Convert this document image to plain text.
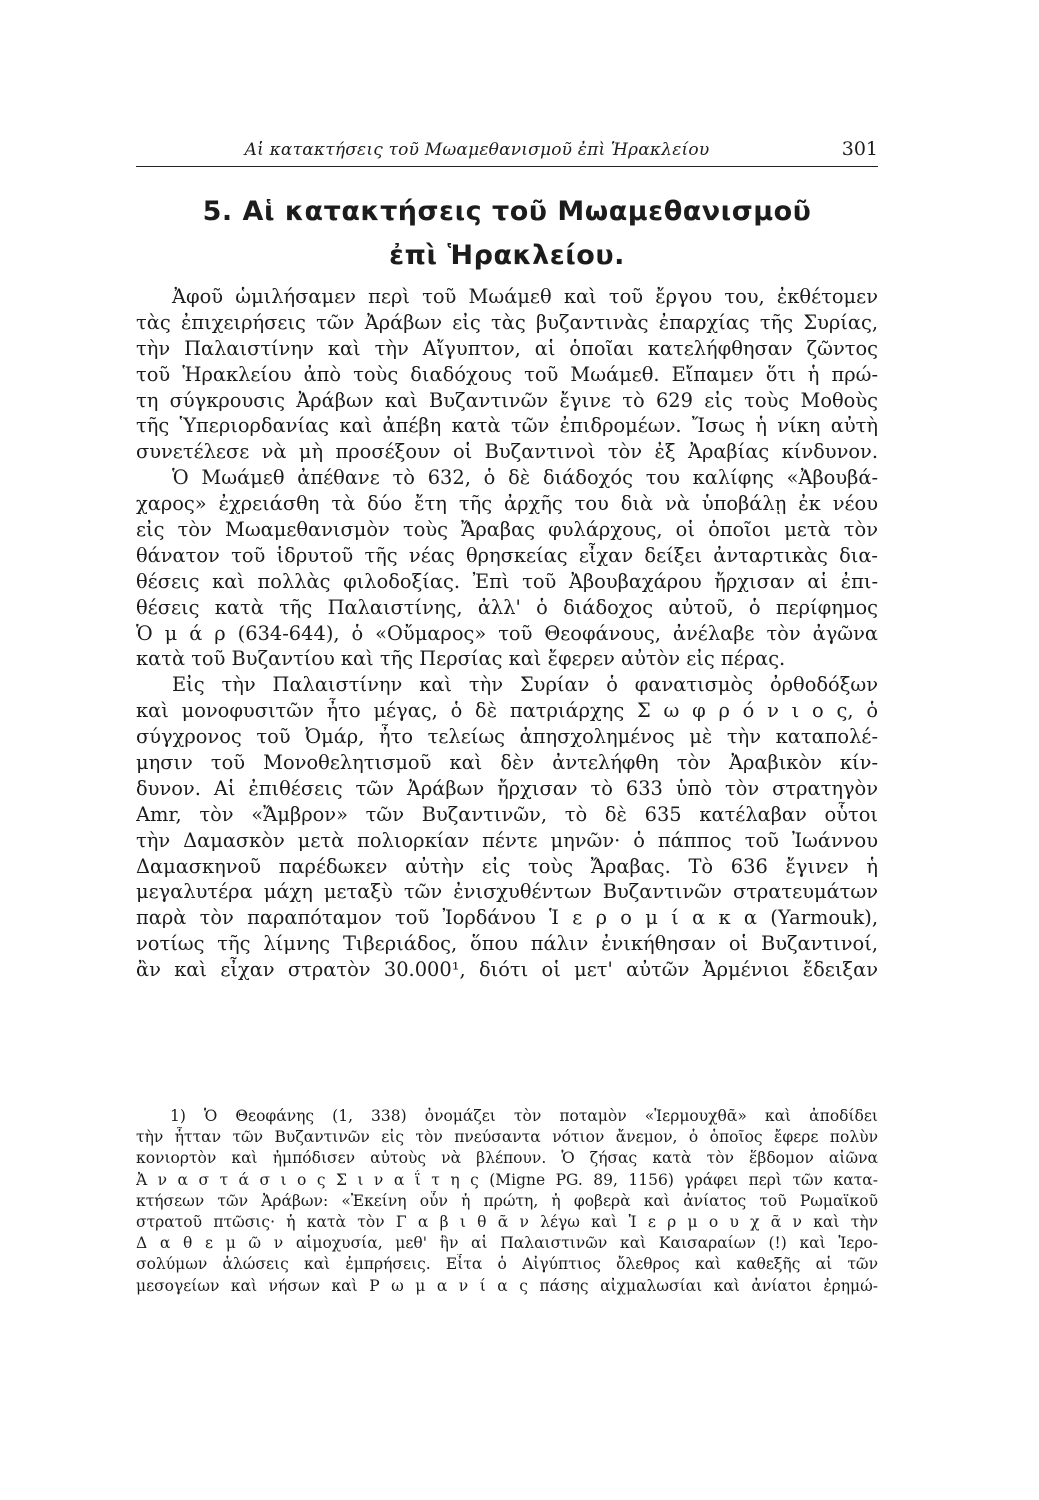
Αἱ κατακτήσεις τοῦ Μωαμεθανισμοῦ ἐπὶ Ἡρακλείου	301
5. Αἱ κατακτήσεις τοῦ Μωαμεθανισμοῦ
ἐπὶ Ἡρακλείου.
Ἀφοῦ ὡμιλήσαμεν περὶ τοῦ Μωάμεθ καὶ τοῦ ἔργου του, ἐκθέτομεν
τὰς ἐπιχειρήσεις τῶν Ἀράβων εἰς τὰς βυζαντινὰς ἐπαρχίας τῆς Συρίας,
τὴν Παλαιστίνην καὶ τὴν Αἴγυπτον, αἱ ὁποῖαι κατελήφθησαν ζῶντος
τοῦ Ἡρακλείου ἀπὸ τοὺς διαδόχους τοῦ Μωάμεθ. Εἴπαμεν ὅτι ἡ πρώ-
τη σύγκρουσις Ἀράβων καὶ Βυζαντινῶν ἔγινε τὸ 629 εἰς τοὺς Μοθοὺς
τῆς Ὑπεριορδανίας καὶ ἀπέβη κατὰ τῶν ἐπιδρομέων. Ἴσως ἡ νίκη αὐτὴ
συνετέλεσε νὰ μὴ προσέξουν οἱ Βυζαντινοὶ τὸν ἐξ Ἀραβίας κίνδυνον.
Ὁ Μωάμεθ ἀπέθανε τὸ 632, ὁ δὲ διάδοχός του καλίφης «Ἀβουβά-
χαρος» ἐχρειάσθη τὰ δύο ἔτη τῆς ἀρχῆς του διὰ νὰ ὑποβάλῃ ἐκ νέου
εἰς τὸν Μωαμεθανισμὸν τοὺς Ἄραβας φυλάρχους, οἱ ὁποῖοι μετὰ τὸν
θάνατον τοῦ ἱδρυτοῦ τῆς νέας θρησκείας εἶχαν δείξει ἀνταρτικὰς δια-
θέσεις καὶ πολλὰς φιλοδοξίας. Ἐπὶ τοῦ Ἀβουβαχάρου ἤρχισαν αἱ ἐπι-
θέσεις κατὰ τῆς Παλαιστίνης, ἀλλ' ὁ διάδοχος αὐτοῦ, ὁ περίφημος
Ὁ μ ά ρ (634-644), ὁ «Οὔμαρος» τοῦ Θεοφάνους, ἀνέλαβε τὸν ἀγῶνα
κατὰ τοῦ Βυζαντίου καὶ τῆς Περσίας καὶ ἔφερεν αὐτὸν εἰς πέρας.
Εἰς τὴν Παλαιστίνην καὶ τὴν Συρίαν ὁ φανατισμὸς ὀρθοδόξων
καὶ μονοφυσιτῶν ἦτο μέγας, ὁ δὲ πατριάρχης Σ ω φ ρ ό ν ι ο ς, ὁ
σύγχρονος τοῦ Ὀμάρ, ἦτο τελείως ἀπησχολημένος μὲ τὴν καταπολέ-
μησιν τοῦ Μονοθελητισμοῦ καὶ δὲν ἀντελήφθη τὸν Ἀραβικὸν κίν-
δυνον. Αἱ ἐπιθέσεις τῶν Ἀράβων ἤρχισαν τὸ 633 ὑπὸ τὸν στρατηγὸν
Amr, τὸν «Ἄμβρον» τῶν Βυζαντινῶν, τὸ δὲ 635 κατέλαβαν οὗτοι
τὴν Δαμασκὸν μετὰ πολιορκίαν πέντε μηνῶν· ὁ πάππος τοῦ Ἰωάννου
Δαμασκηνοῦ παρέδωκεν αὐτὴν εἰς τοὺς Ἄραβας. Τὸ 636 ἔγινεν ἡ
μεγαλυτέρα μάχη μεταξὺ τῶν ἐνισχυθέντων Βυζαντινῶν στρατευμάτων
παρὰ τὸν παραπόταμον τοῦ Ἰορδάνου Ἱ ε ρ ο μ ί α κ α (Yarmouk),
νοτίως τῆς λίμνης Τιβεριάδος, ὅπου πάλιν ἐνικήθησαν οἱ Βυζαντινοί,
ἂν καὶ εἶχαν στρατὸν 30.000¹, διότι οἱ μετ' αὐτῶν Ἀρμένιοι ἔδειξαν
1) Ὁ Θεοφάνης (1, 338) ὀνομάζει τὸν ποταμὸν «Ἱερμουχθᾶ» καὶ ἀποδίδει
τὴν ἧτταν τῶν Βυζαντινῶν εἰς τὸν πνεύσαντα νότιον ἄνεμον, ὁ ὁποῖος ἔφερε πολὺν
κονιορτὸν καὶ ἠμπόδισεν αὐτοὺς νὰ βλέπουν. Ὁ ζήσας κατὰ τὸν ἕβδομον αἰῶνα
Ἀ ν α σ τ ά σ ι ο ς Σ ι ν α ΐ τ η ς (Migne PG. 89, 1156) γράφει περὶ τῶν κατα-
κτήσεων τῶν Ἀράβων: «Ἐκείνη οὖν ἡ πρώτη, ἡ φοβερὰ καὶ ἀνίατος τοῦ Ρωμαϊκοῦ
στρατοῦ πτῶσις· ἡ κατὰ τὸν Γ α β ι θ ᾶ ν λέγω καὶ Ἱ ε ρ μ ο υ χ ᾶ ν καὶ τὴν
Δ α θ ε μ ῶ ν αἱμοχυσία, μεθ' ἣν αἱ Παλαιστινῶν καὶ Καισαραίων (!) καὶ Ἱερο-
σολύμων ἁλώσεις καὶ ἐμπρήσεις. Εἶτα ὁ Αἰγύπτιος ὄλεθρος καὶ καθεξῆς αἱ τῶν
μεσογείων καὶ νήσων καὶ Ρ ω μ α ν ί α ς πάσης αἰχμαλωσίαι καὶ ἀνίατοι ἐρημώ-
